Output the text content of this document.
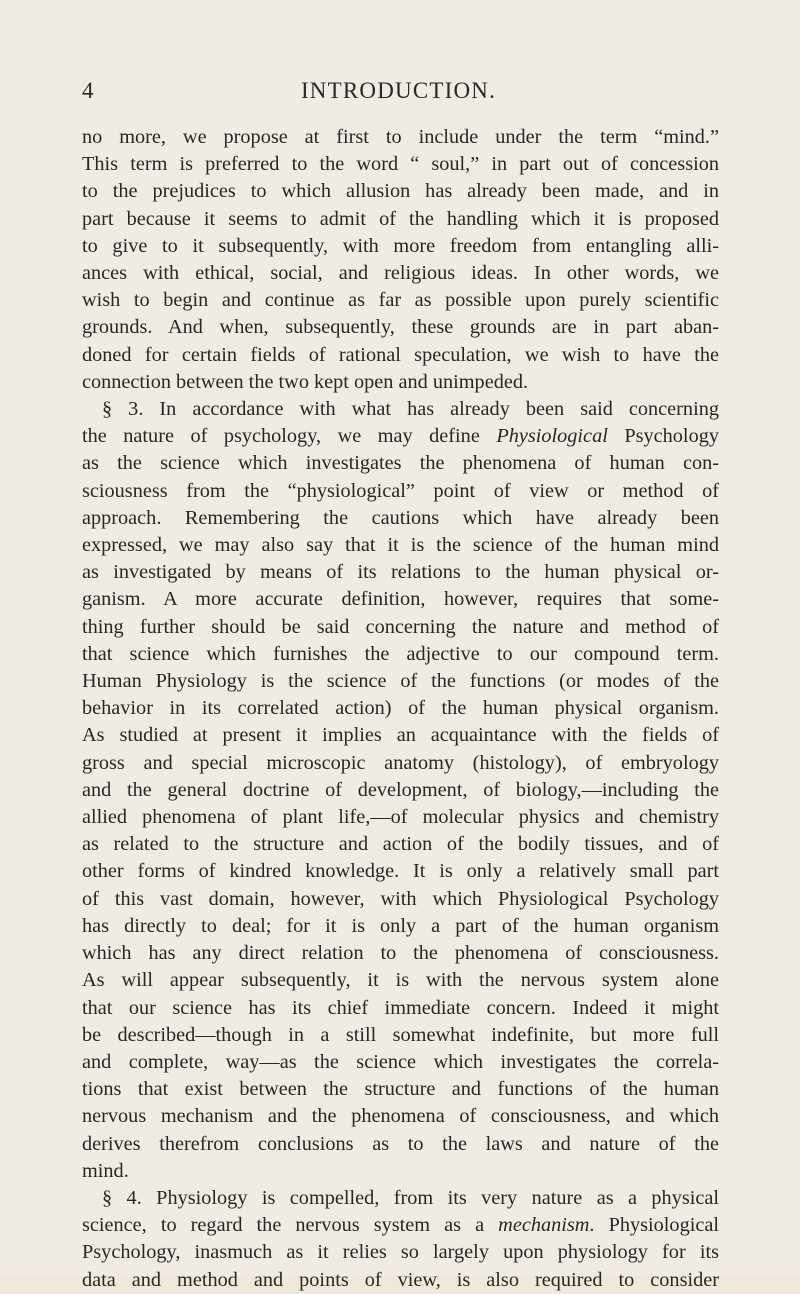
4	INTRODUCTION.
no more, we propose at first to include under the term “mind.”
This term is preferred to the word “ soul,” in part out of concession
to the prejudices to which allusion has already been made, and in
part because it seems to admit of the handling which it is proposed
to give to it subsequently, with more freedom from entangling alli-
ances with ethical, social, and religious ideas. In other words, we
wish to begin and continue as far as possible upon purely scientific
grounds. And when, subsequently, these grounds are in part aban-
doned for certain fields of rational speculation, we wish to have the
connection between the two kept open and unimpeded.
§ 3. In accordance with what has already been said concerning
the nature of psychology, we may define Physiological Psychology
as the science which investigates the phenomena of human con-
sciousness from the “physiological” point of view or method of
approach. Remembering the cautions which have already been
expressed, we may also say that it is the science of the human mind
as investigated by means of its relations to the human physical or-
ganism. A more accurate definition, however, requires that some-
thing further should be said concerning the nature and method of
that science which furnishes the adjective to our compound term.
Human Physiology is the science of the functions (or modes of the
behavior in its correlated action) of the human physical organism.
As studied at present it implies an acquaintance with the fields of
gross and special microscopic anatomy (histology), of embryology
and the general doctrine of development, of biology,—including the
allied phenomena of plant life,—of molecular physics and chemistry
as related to the structure and action of the bodily tissues, and of
other forms of kindred knowledge. It is only a relatively small part
of this vast domain, however, with which Physiological Psychology
has directly to deal; for it is only a part of the human organism
which has any direct relation to the phenomena of consciousness.
As will appear subsequently, it is with the nervous system alone
that our science has its chief immediate concern. Indeed it might
be described—though in a still somewhat indefinite, but more full
and complete, way—as the science which investigates the correla-
tions that exist between the structure and functions of the human
nervous mechanism and the phenomena of consciousness, and which
derives therefrom conclusions as to the laws and nature of the
mind.
§ 4. Physiology is compelled, from its very nature as a physical
science, to regard the nervous system as a mechanism. Physiological
Psychology, inasmuch as it relies so largely upon physiology for its
data and method and points of view, is also required to consider
